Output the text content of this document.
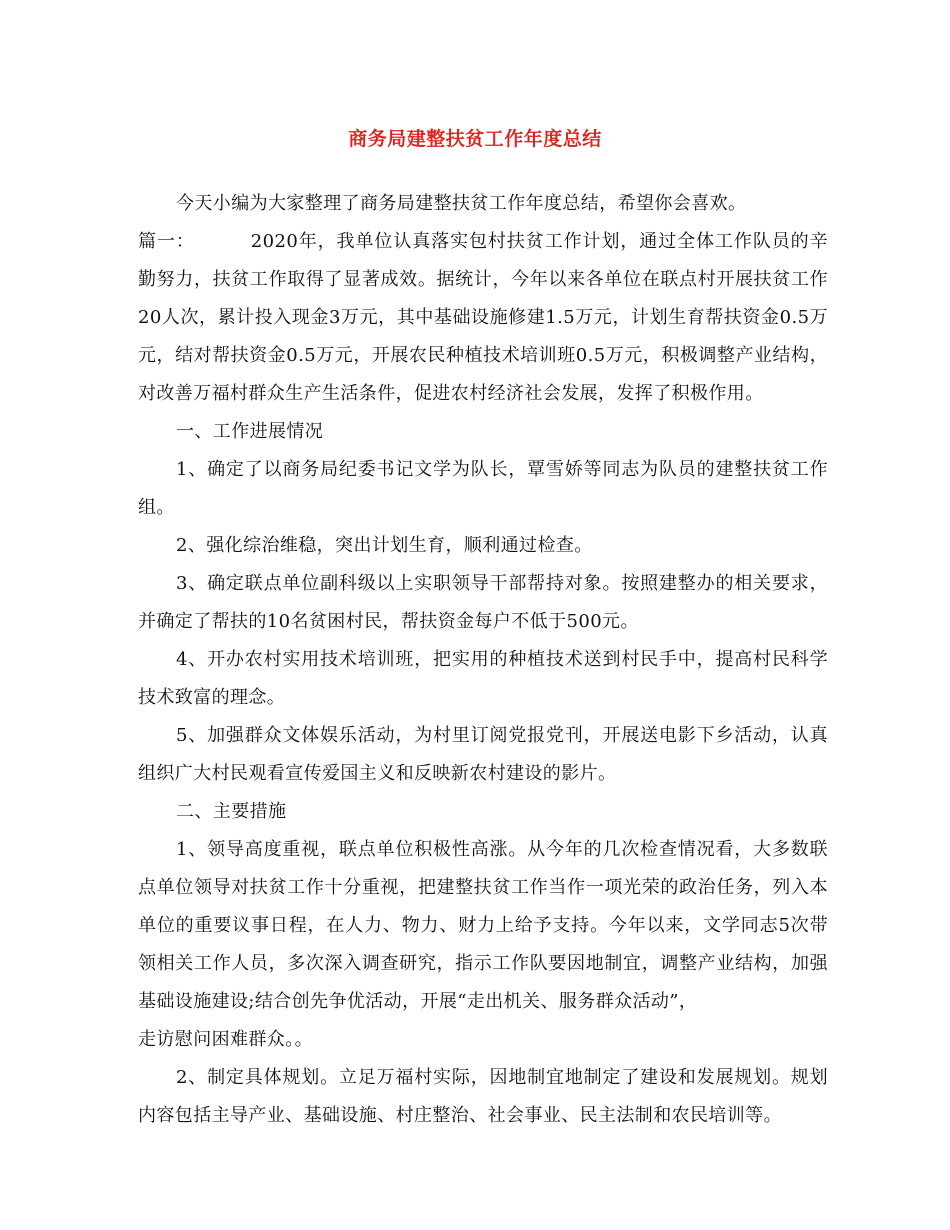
商务局建整扶贫工作年度总结

今天小编为大家整理了商务局建整扶贫工作年度总结，希望你会喜欢。

篇一：	2020年，我单位认真落实包村扶贫工作计划，通过全体工作队员的辛勤努力，扶贫工作取得了显著成效。据统计，今年以来各单位在联点村开展扶贫工作20人次，累计投入现金3万元，其中基础设施修建1.5万元，计划生育帮扶资金0.5万元，结对帮扶资金0.5万元，开展农民种植技术培训班0.5万元，积极调整产业结构，对改善万福村群众生产生活条件，促进农村经济社会发展，发挥了积极作用。

一、工作进展情况

1、确定了以商务局纪委书记文学为队长，覃雪娇等同志为队员的建整扶贫工作组。

2、强化综治维稳，突出计划生育，顺利通过检查。

3、确定联点单位副科级以上实职领导干部帮持对象。按照建整办的相关要求，并确定了帮扶的10名贫困村民，帮扶资金每户不低于500元。

4、开办农村实用技术培训班，把实用的种植技术送到村民手中，提高村民科学技术致富的理念。

5、加强群众文体娱乐活动，为村里订阅党报党刊，开展送电影下乡活动，认真组织广大村民观看宣传爱国主义和反映新农村建设的影片。

二、主要措施

1、领导高度重视，联点单位积极性高涨。从今年的几次检查情况看，大多数联点单位领导对扶贫工作十分重视，把建整扶贫工作当作一项光荣的政治任务，列入本单位的重要议事日程，在人力、物力、财力上给予支持。今年以来，文学同志5次带领相关工作人员，多次深入调查研究，指示工作队要因地制宜，调整产业结构，加强基础设施建设;结合创先争优活动，开展“走出机关、服务群众活动”，

走访慰问困难群众。。

2、制定具体规划。立足万福村实际，因地制宜地制定了建设和发展规划。规划内容包括主导产业、基础设施、村庄整治、社会事业、民主法制和农民培训等。
